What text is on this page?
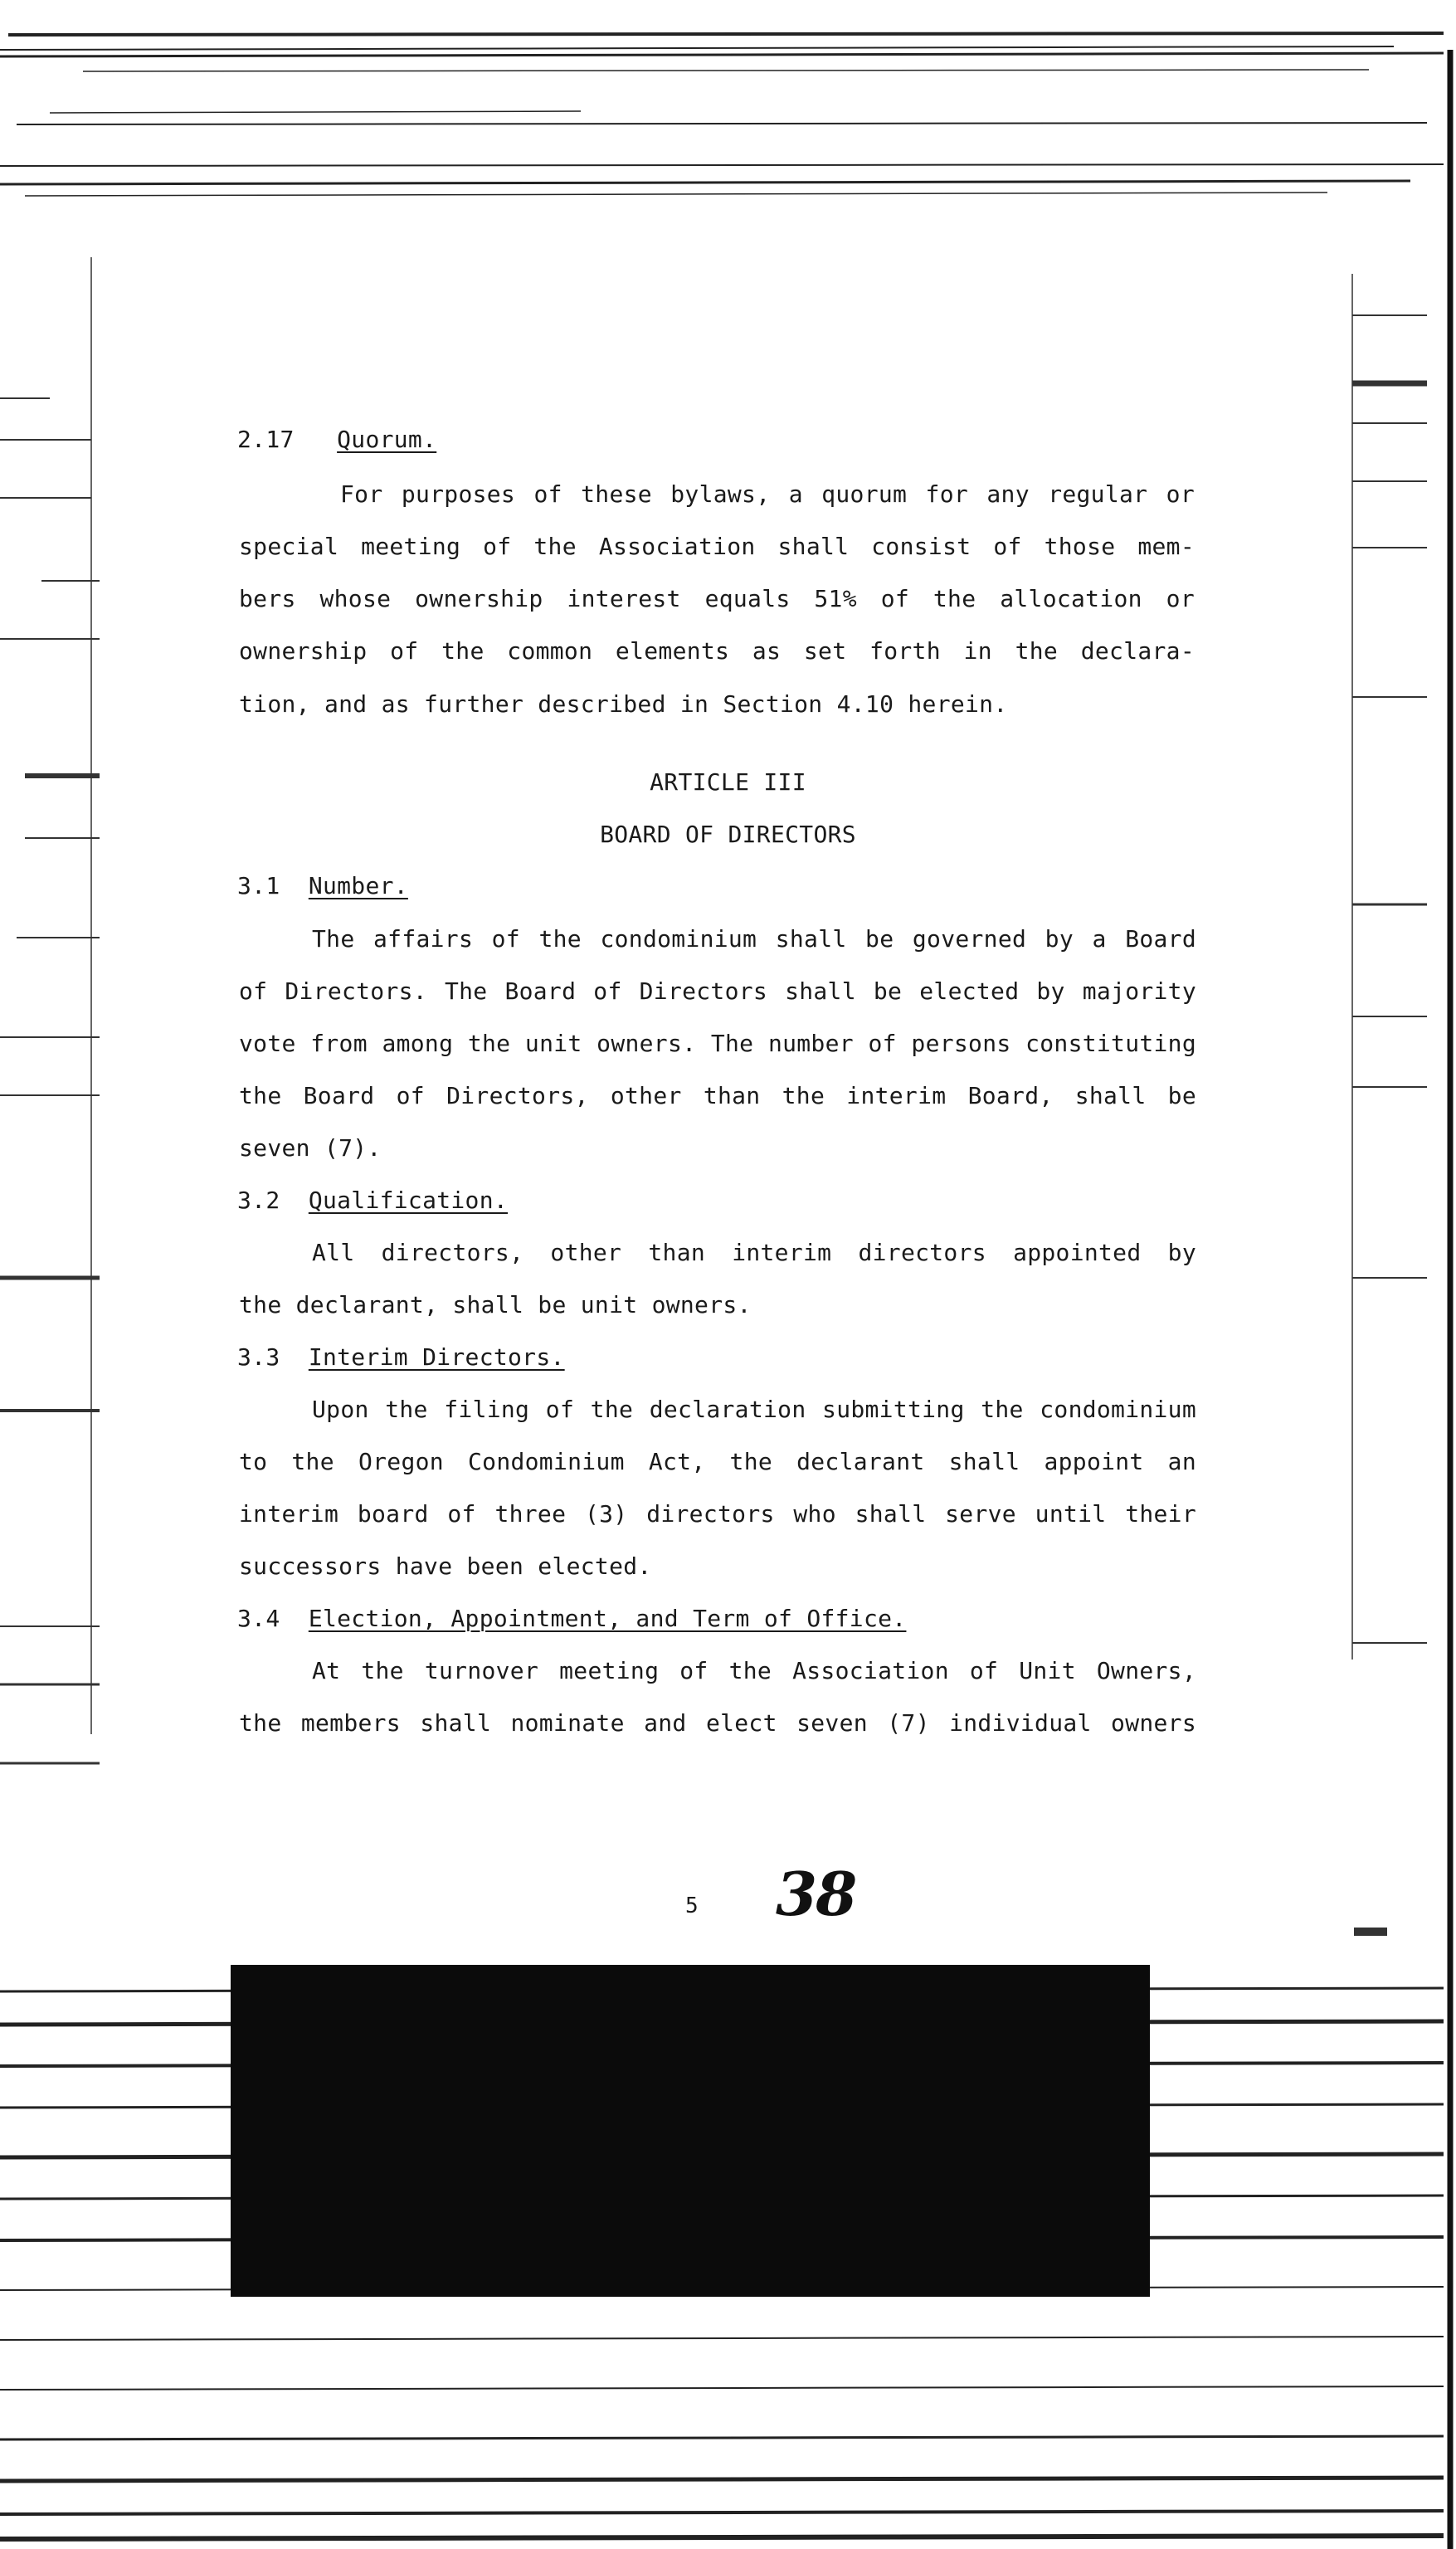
2.17 Quorum.
For purposes of these bylaws, a quorum for any regular or
special meeting of the Association shall consist of those mem-
bers whose ownership interest equals 51% of the allocation or
ownership of the common elements as set forth in the declara-
tion, and as further described in Section 4.10 herein.
ARTICLE III
BOARD OF DIRECTORS
3.1 Number.
The affairs of the condominium shall be governed by a Board
of Directors. The Board of Directors shall be elected by majority
vote from among the unit owners. The number of persons constituting
the Board of Directors, other than the interim Board, shall be
seven (7).
3.2 Qualification.
All directors, other than interim directors appointed by
the declarant, shall be unit owners.
3.3 Interim Directors.
Upon the filing of the declaration submitting the condominium
to the Oregon Condominium Act, the declarant shall appoint an
interim board of three (3) directors who shall serve until their
successors have been elected.
3.4 Election, Appointment, and Term of Office.
At the turnover meeting of the Association of Unit Owners,
the members shall nominate and elect seven (7) individual owners
5 38
